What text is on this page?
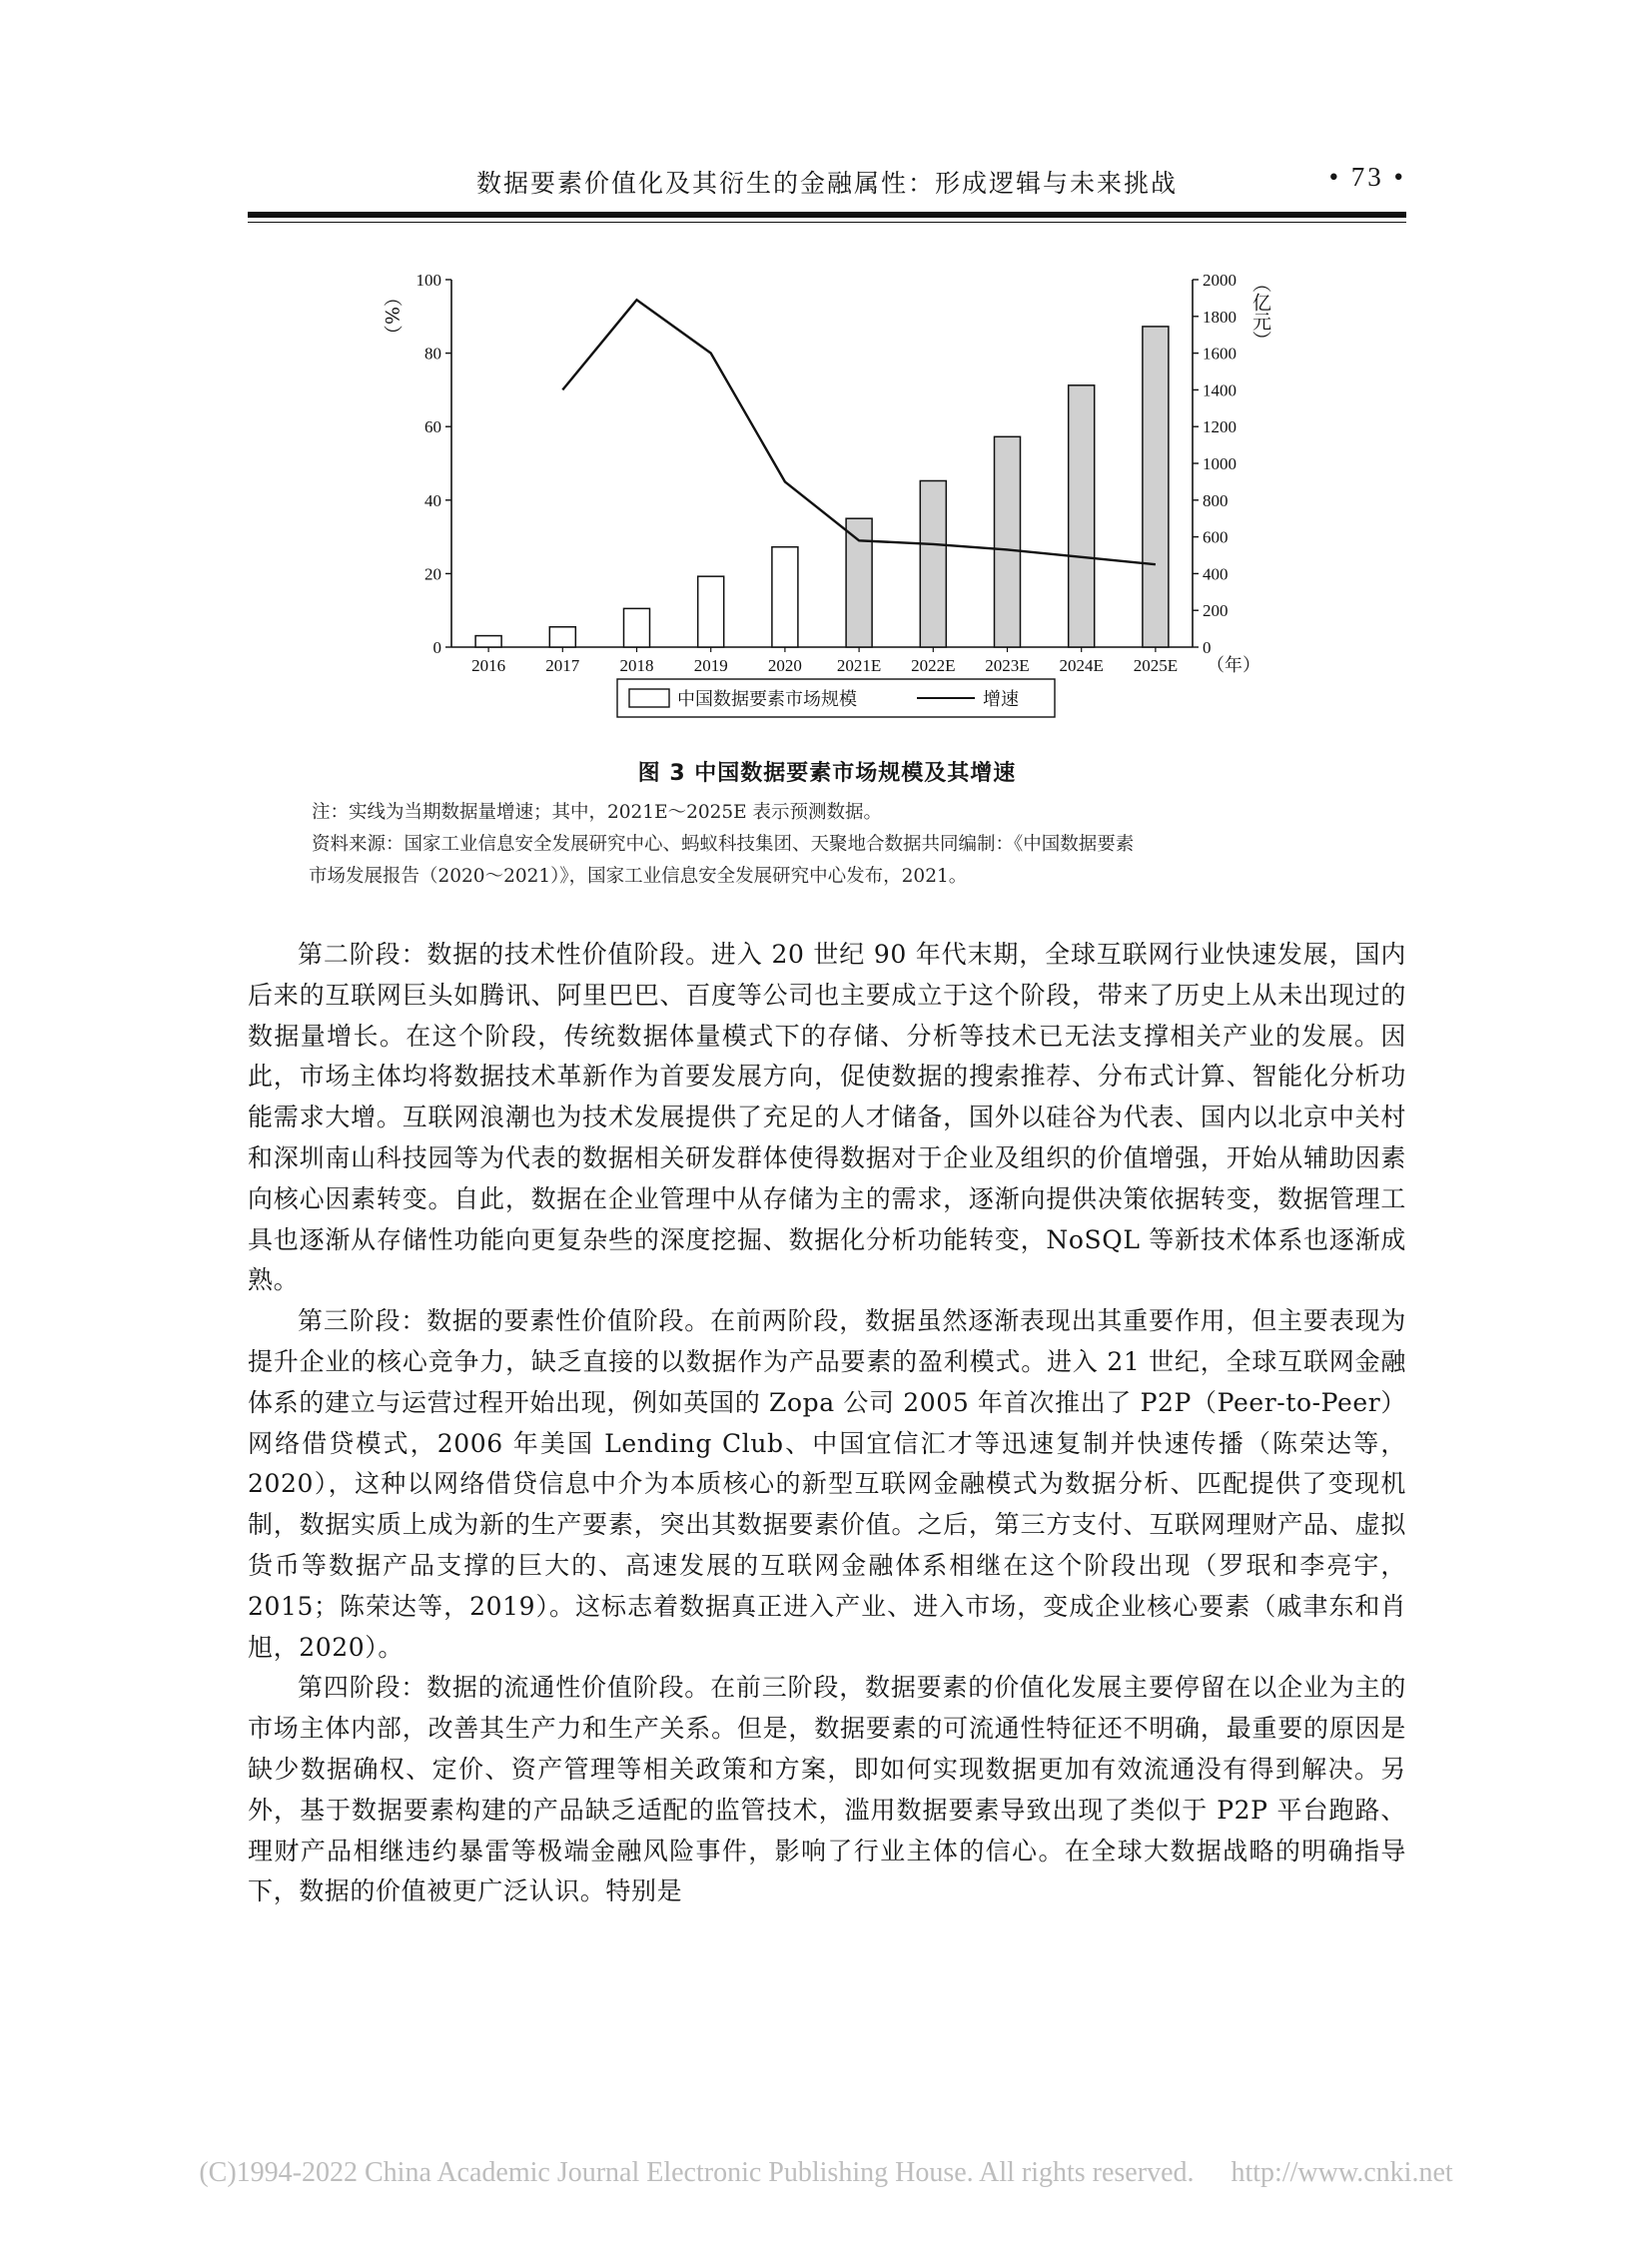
数据要素价值化及其衍生的金融属性：形成逻辑与未来挑战	• 73 •
0
20
40
60
80
100
0
200
400
600
800
1000
1200
1400
1600
1800
2000
（%）	（亿元）
2016 2017 2018 2019 2020 2021E 2022E 2023E 2024E 2025E （年）
中国数据要素市场规模	增速
图 3 中国数据要素市场规模及其增速

注：实线为当期数据量增速；其中，2021E～2025E 表示预测数据。

资料来源：国家工业信息安全发展研究中心、蚂蚁科技集团、天聚地合数据共同编制：《中国数据要素

市场发展报告（2020～2021）》，国家工业信息安全发展研究中心发布，2021。

第二阶段：数据的技术性价值阶段。进入 20 世纪 90 年代末期，全球互联网行业快速发展，国内后来的互联网巨头如腾讯、阿里巴巴、百度等公司也主要成立于这个阶段，带来了历史上从未出现过的数据量增长。在这个阶段，传统数据体量模式下的存储、分析等技术已无法支撑相关产业的发展。因此，市场主体均将数据技术革新作为首要发展方向，促使数据的搜索推荐、分布式计算、智能化分析功能需求大增。互联网浪潮也为技术发展提供了充足的人才储备，国外以硅谷为代表、国内以北京中关村和深圳南山科技园等为代表的数据相关研发群体使得数据对于企业及组织的价值增强，开始从辅助因素向核心因素转变。自此，数据在企业管理中从存储为主的需求，逐渐向提供决策依据转变，数据管理工具也逐渐从存储性功能向更复杂些的深度挖掘、数据化分析功能转变，NoSQL 等新技术体系也逐渐成熟。

第三阶段：数据的要素性价值阶段。在前两阶段，数据虽然逐渐表现出其重要作用，但主要表现为提升企业的核心竞争力，缺乏直接的以数据作为产品要素的盈利模式。进入 21 世纪，全球互联网金融体系的建立与运营过程开始出现，例如英国的 Zopa 公司 2005 年首次推出了 P2P（Peer-to-Peer）网络借贷模式，2006 年美国 Lending Club、中国宜信汇才等迅速复制并快速传播（陈荣达等，2020），这种以网络借贷信息中介为本质核心的新型互联网金融模式为数据分析、匹配提供了变现机制，数据实质上成为新的生产要素，突出其数据要素价值。之后，第三方支付、互联网理财产品、虚拟货币等数据产品支撑的巨大的、高速发展的互联网金融体系相继在这个阶段出现（罗珉和李亮宇，2015；陈荣达等，2019）。这标志着数据真正进入产业、进入市场，变成企业核心要素（戚聿东和肖旭，2020）。

第四阶段：数据的流通性价值阶段。在前三阶段，数据要素的价值化发展主要停留在以企业为主的市场主体内部，改善其生产力和生产关系。但是，数据要素的可流通性特征还不明确，最重要的原因是缺少数据确权、定价、资产管理等相关政策和方案，即如何实现数据更加有效流通没有得到解决。另外，基于数据要素构建的产品缺乏适配的监管技术，滥用数据要素导致出现了类似于 P2P 平台跑路、理财产品相继违约暴雷等极端金融风险事件，影响了行业主体的信心。在全球大数据战略的明确指导下，数据的价值被更广泛认识。特别是

(C)1994-2022 China Academic Journal Electronic Publishing House. All rights reserved. http://www.cnki.net
